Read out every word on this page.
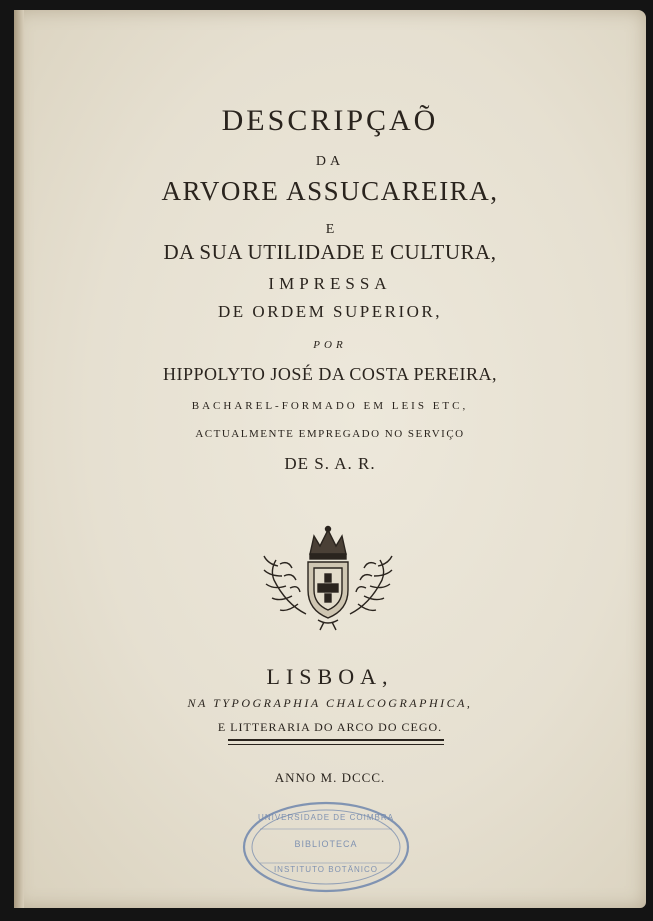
DESCRIPÇAÕ
DA
ARVORE ASSUCAREIRA,
E
DA SUA UTILIDADE E CULTURA,
IMPRESSA
DE ORDEM SUPERIOR,
POR
HIPPOLYTO JOSÉ DA COSTA PEREIRA,
BACHAREL-FORMADO EM LEIS ETC,
ACTUALMENTE EMPREGADO NO SERVIÇO
DE S. A. R.
LISBOA,
NA TYPOGRAPHIA CHALCOGRAPHICA,
E LITTERARIA DO ARCO DO CEGO.
ANNO M. DCCC.
UNIVERSIDADE DE COIMBRA
BIBLIOTECA
INSTITUTO BOTÂNICO
